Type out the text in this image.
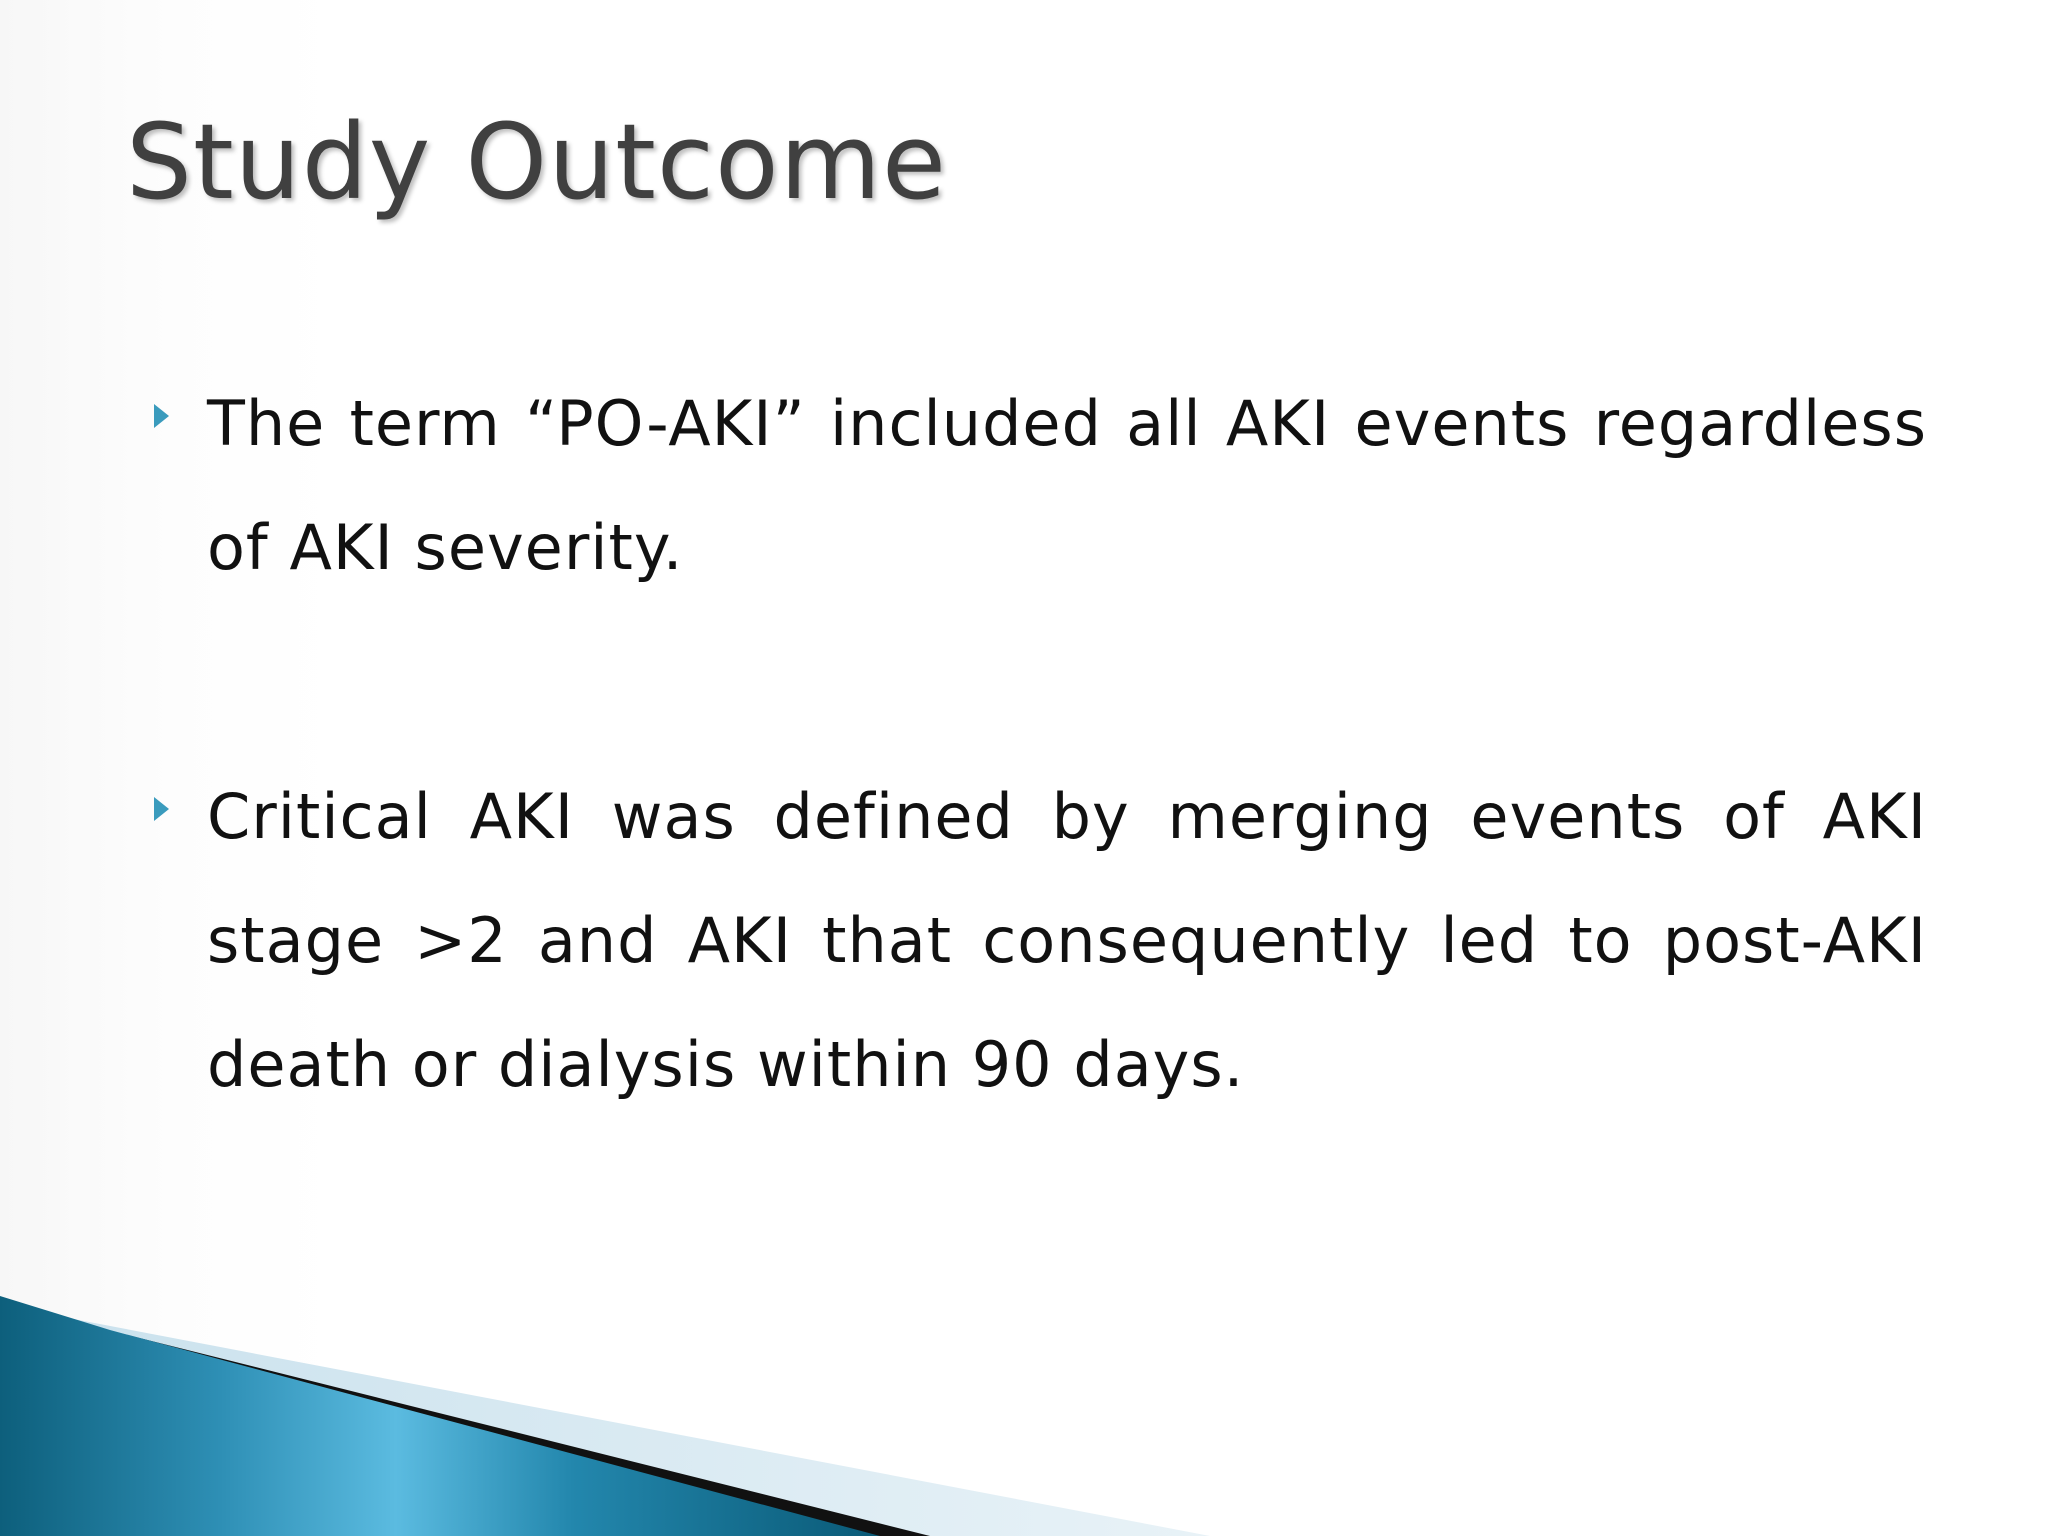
Study Outcome

The term “PO-AKI” included all AKI events regardless of AKI severity.

Critical AKI was defined by merging events of AKI stage >2 and AKI that consequently led to post-AKI death or dialysis within 90 days.
